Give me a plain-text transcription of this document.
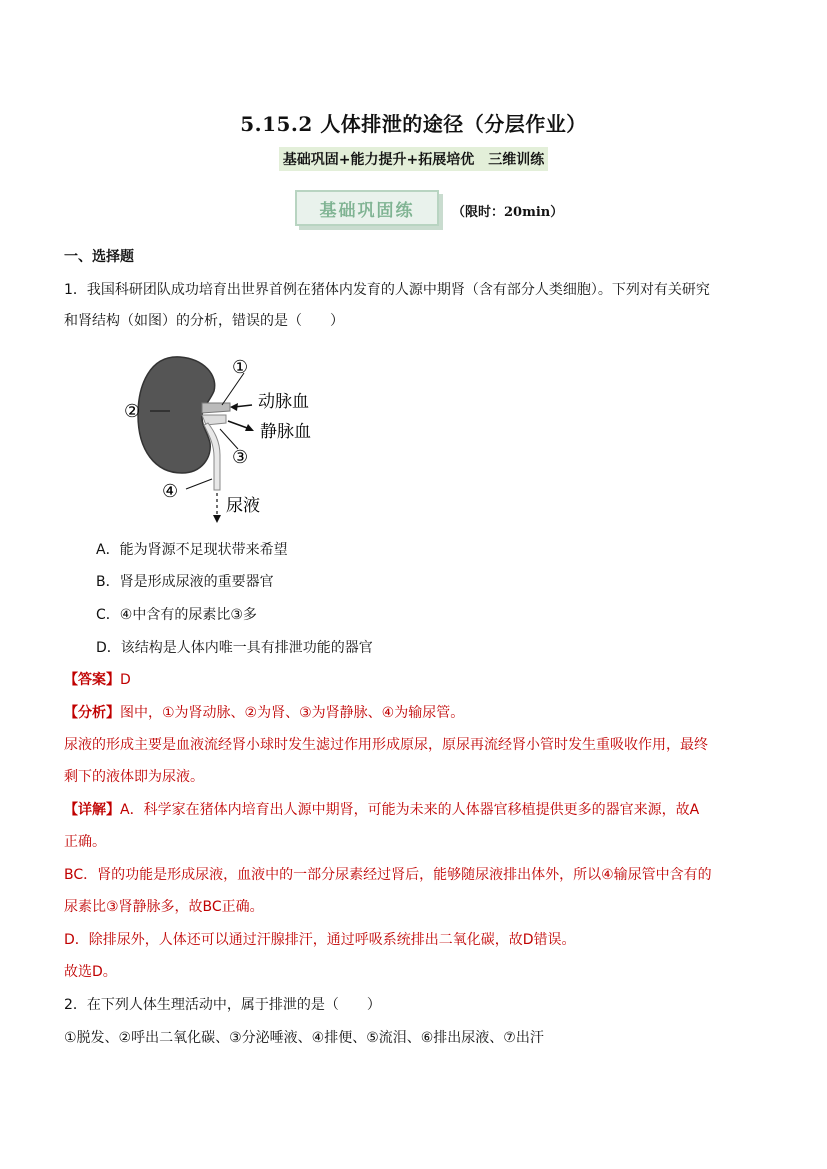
5.15.2 人体排泄的途径（分层作业）
基础巩固+能力提升+拓展培优　三维训练
基础巩固练	（限时：20min）
一、选择题
1．我国科研团队成功培育出世界首例在猪体内发育的人源中期肾（含有部分人类细胞）。下列对有关研究
和肾结构（如图）的分析，错误的是（　　）
①
②
③
④
动脉血
静脉血
尿液
A．能为肾源不足现状带来希望
B．肾是形成尿液的重要器官
C．④中含有的尿素比③多
D．该结构是人体内唯一具有排泄功能的器官
【答案】D
【分析】图中，①为肾动脉、②为肾、③为肾静脉、④为输尿管。
尿液的形成主要是血液流经肾小球时发生滤过作用形成原尿，原尿再流经肾小管时发生重吸收作用，最终
剩下的液体即为尿液。
【详解】A．科学家在猪体内培育出人源中期肾，可能为未来的人体器官移植提供更多的器官来源，故A
正确。
BC．肾的功能是形成尿液，血液中的一部分尿素经过肾后，能够随尿液排出体外，所以④输尿管中含有的
尿素比③肾静脉多，故BC正确。
D．除排尿外，人体还可以通过汗腺排汗，通过呼吸系统排出二氧化碳，故D错误。
故选D。
2．在下列人体生理活动中，属于排泄的是（　　）
①脱发、②呼出二氧化碳、③分泌唾液、④排便、⑤流泪、⑥排出尿液、⑦出汗
